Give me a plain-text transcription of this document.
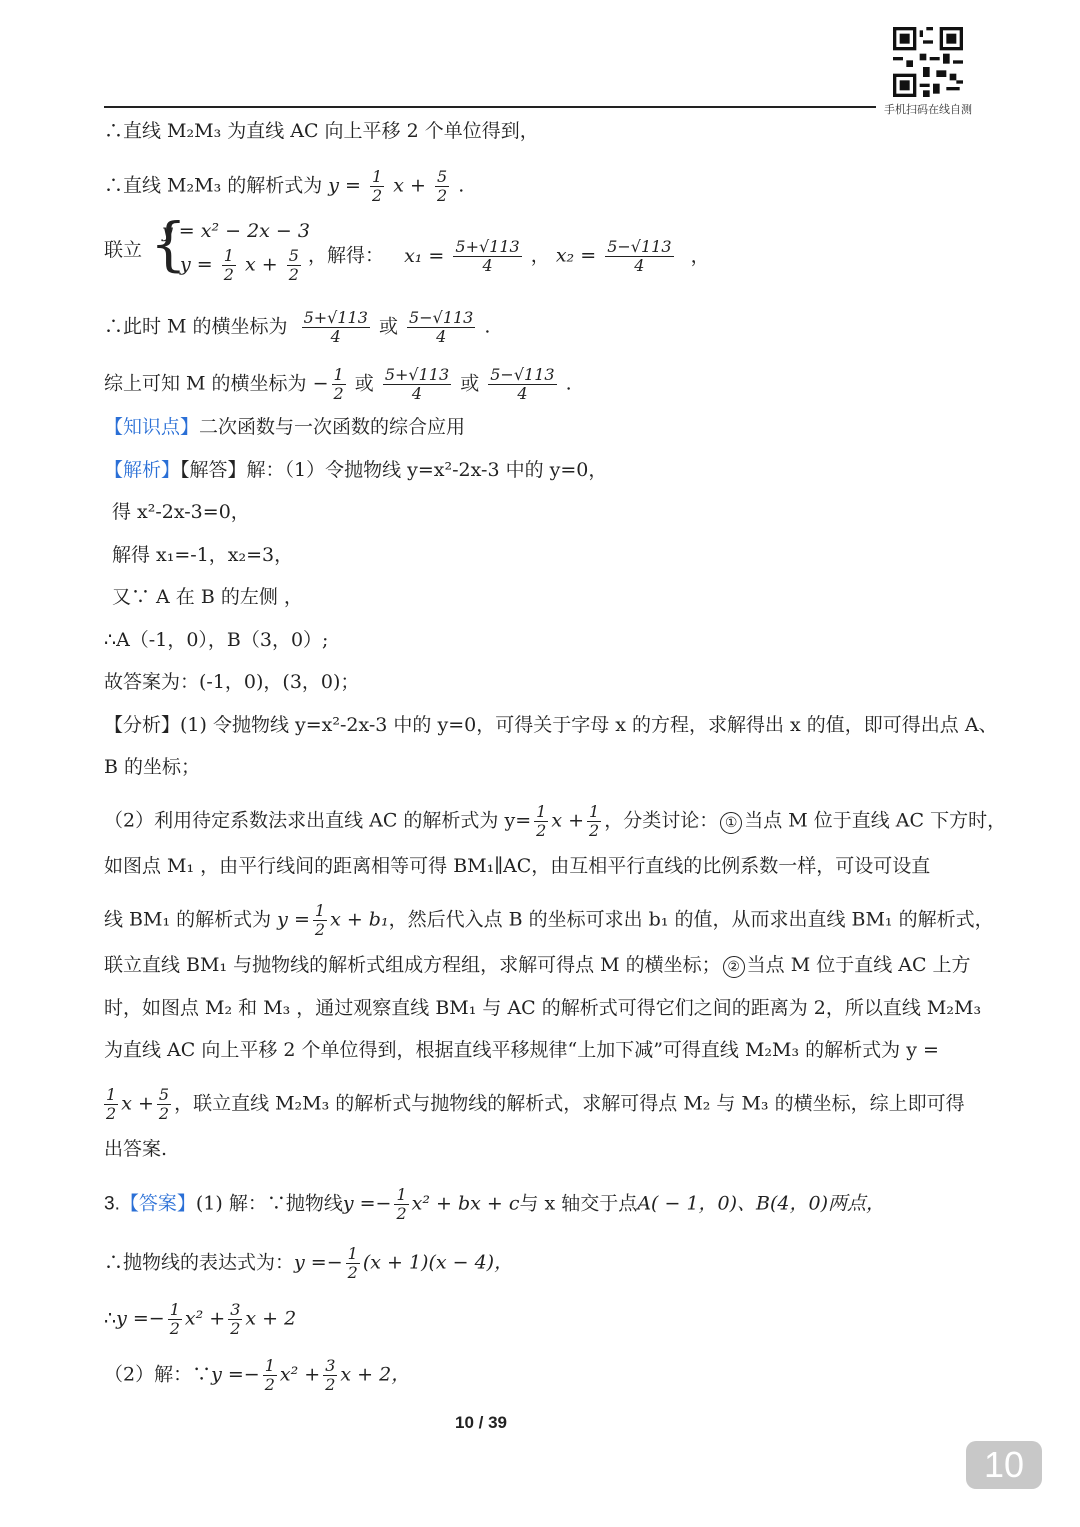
手机扫码在线自测
∴直线 M₂M₃ 为直线 AC 向上平移 2 个单位得到，
∴直线 M₂M₃ 的解析式为 $y = \frac{1}{2}$ $x + \frac{5}{2}$ .
联立 {
y = x² − 2x − 3
$y = \frac{1}{2}$ $x + \frac{5}{2}$ ，解得： $x_1 = \frac{5+√113}{4}$ ， $x_2 = \frac{5-√113}{4}$ ，
∴此时 M 的横坐标为 $\frac{5+√113}{4}$ 或 $\frac{5-√113}{4}$ .
综上可知 M 的横坐标为 − $\frac{1}{2}$ 或 $\frac{5+√113}{4}$ 或 $\frac{5-√113}{4}$ .
【知识点】二次函数与一次函数的综合应用
【解析】【解答】解：（1）令抛物线 y=x²-2x-3 中的 y=0，
得 x²-2x-3=0，
解得 x₁=-1，x₂=3，
又∵ A 在 B 的左侧 ，
∴A（-1，0），B（3，0）;
故答案为：(-1，0)，(3，0)；
【分析】(1) 令抛物线 y=x²-2x-3 中的 y=0，可得关于字母 x 的方程，求解得出 x 的值，即可得出点 A、
B 的坐标；
（2）利用待定系数法求出直线 AC 的解析式为 $y= \frac{1}{2}$ $x + \frac{1}{2}$ ，分类讨论： ① 当点 M 位于直线 AC 下方时，
如图点 M₁ ，由平行线间的距离相等可得 BM₁∥AC，由互相平行直线的比例系数一样，可设可设直
线 BM₁ 的解析式为 $y = \frac{1}{2}$ x + b₁，然后代入点 B 的坐标可求出 b₁ 的值，从而求出直线 BM₁ 的解析式，
联立直线 BM₁ 与抛物线的解析式组成方程组，求解可得点 M 的横坐标； ② 当点 M 位于直线 AC 上方
时，如图点 M₂ 和 M₃ ，通过观察直线 BM₁ 与 AC 的解析式可得它们之间的距离为 2，所以直线 M₂M₃
为直线 AC 向上平移 2 个单位得到，根据直线平移规律“上加下减”可得直线 M₂M₃ 的解析式为 y =
$\frac{1}{2}$ $x + \frac{5}{2}$ ，联立直线 M₂M₃ 的解析式与抛物线的解析式，求解可得点 M₂ 与 M₃ 的横坐标，综上即可得
出答案.
3.【答案】(1) 解：∵抛物线$y =- \frac{1}{2} x^2$ + bx + c与 x 轴交于点A( − 1，0)、B(4，0)两点，
∴抛物线的表达式为：$y =- \frac{1}{2} (x + 1)(x - 4)$，
∴y =− $\frac{1}{2} x^2 + \frac{3}{2}$ x + 2
（2）解：∵y =− $\frac{1}{2} x^2 + \frac{3}{2}$ x + 2，
10 / 39
10
